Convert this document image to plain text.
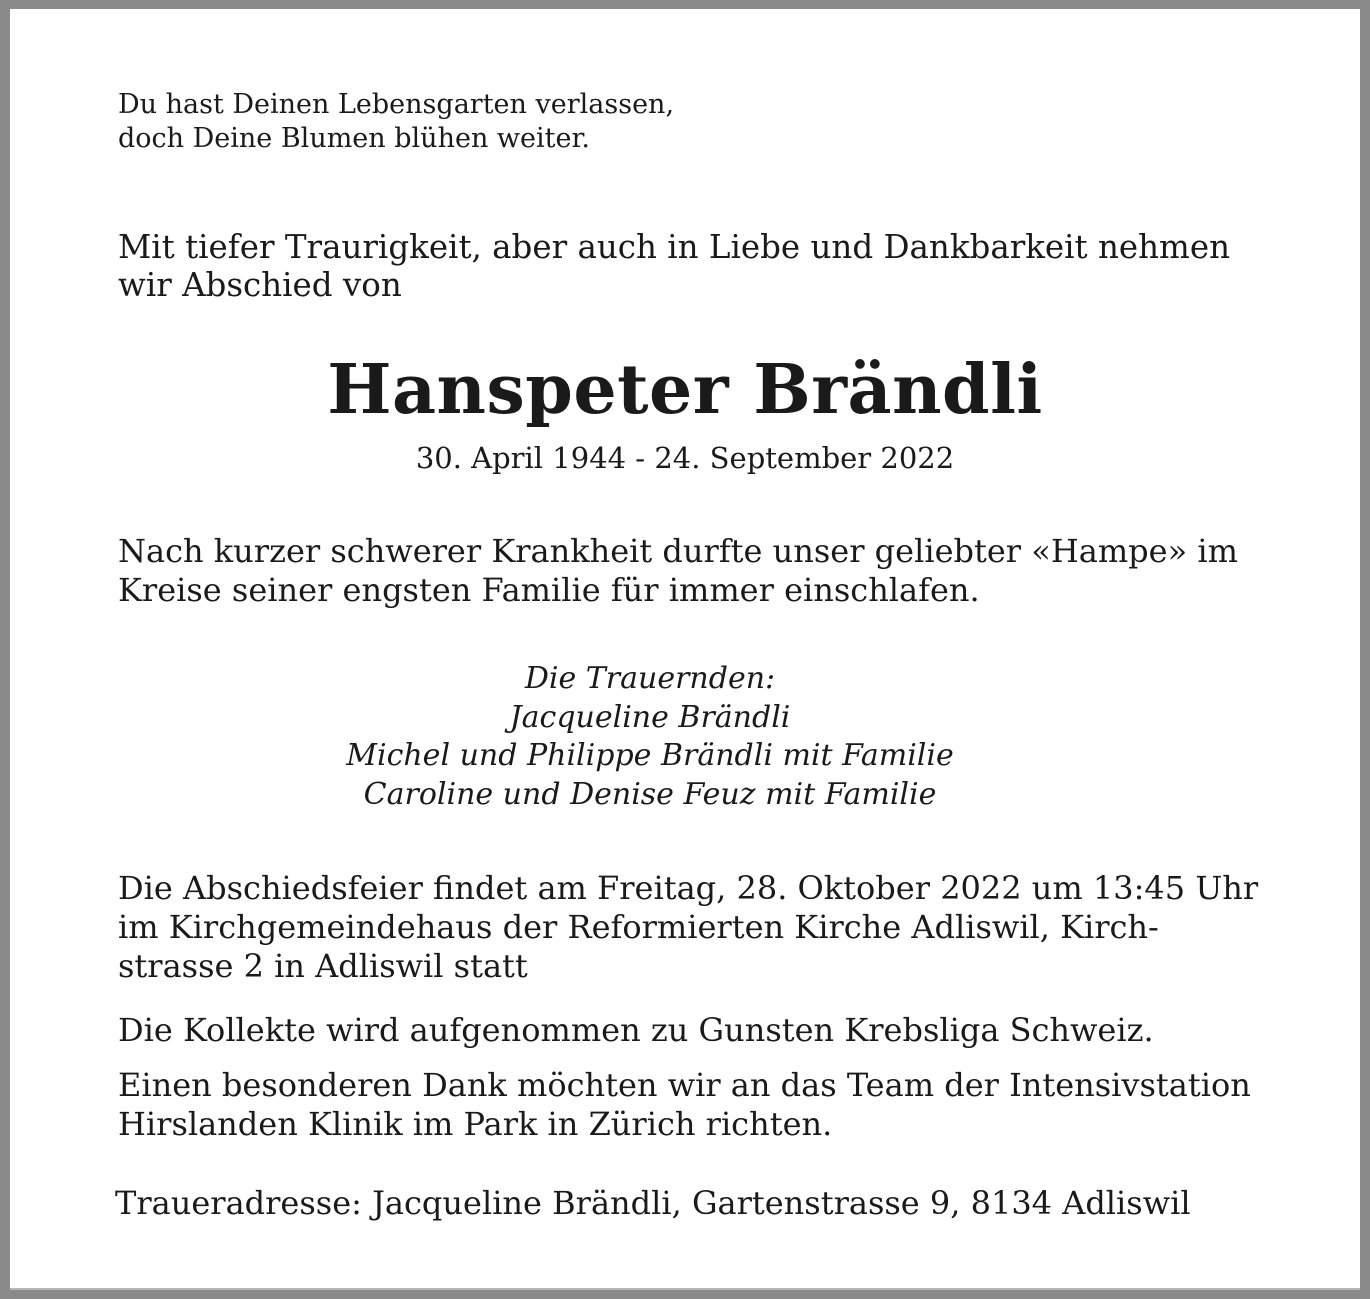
Du hast Deinen Lebensgarten verlassen,
doch Deine Blumen blühen weiter.

Mit tiefer Traurigkeit, aber auch in Liebe und Dankbarkeit nehmen
wir Abschied von

Hanspeter Brändli

30. April 1944 - 24. September 2022

Nach kurzer schwerer Krankheit durfte unser geliebter «Hampe» im
Kreise seiner engsten Familie für immer einschlafen.

Die Trauernden:
Jacqueline Brändli
Michel und Philippe Brändli mit Familie
Caroline und Denise Feuz mit Familie

Die Abschiedsfeier findet am Freitag, 28. Oktober 2022 um 13:45 Uhr
im Kirchgemeindehaus der Reformierten Kirche Adliswil, Kirch-
strasse 2 in Adliswil statt

Die Kollekte wird aufgenommen zu Gunsten Krebsliga Schweiz.

Einen besonderen Dank möchten wir an das Team der Intensivstation
Hirslanden Klinik im Park in Zürich richten.

Traueradresse: Jacqueline Brändli, Gartenstrasse 9, 8134 Adliswil
